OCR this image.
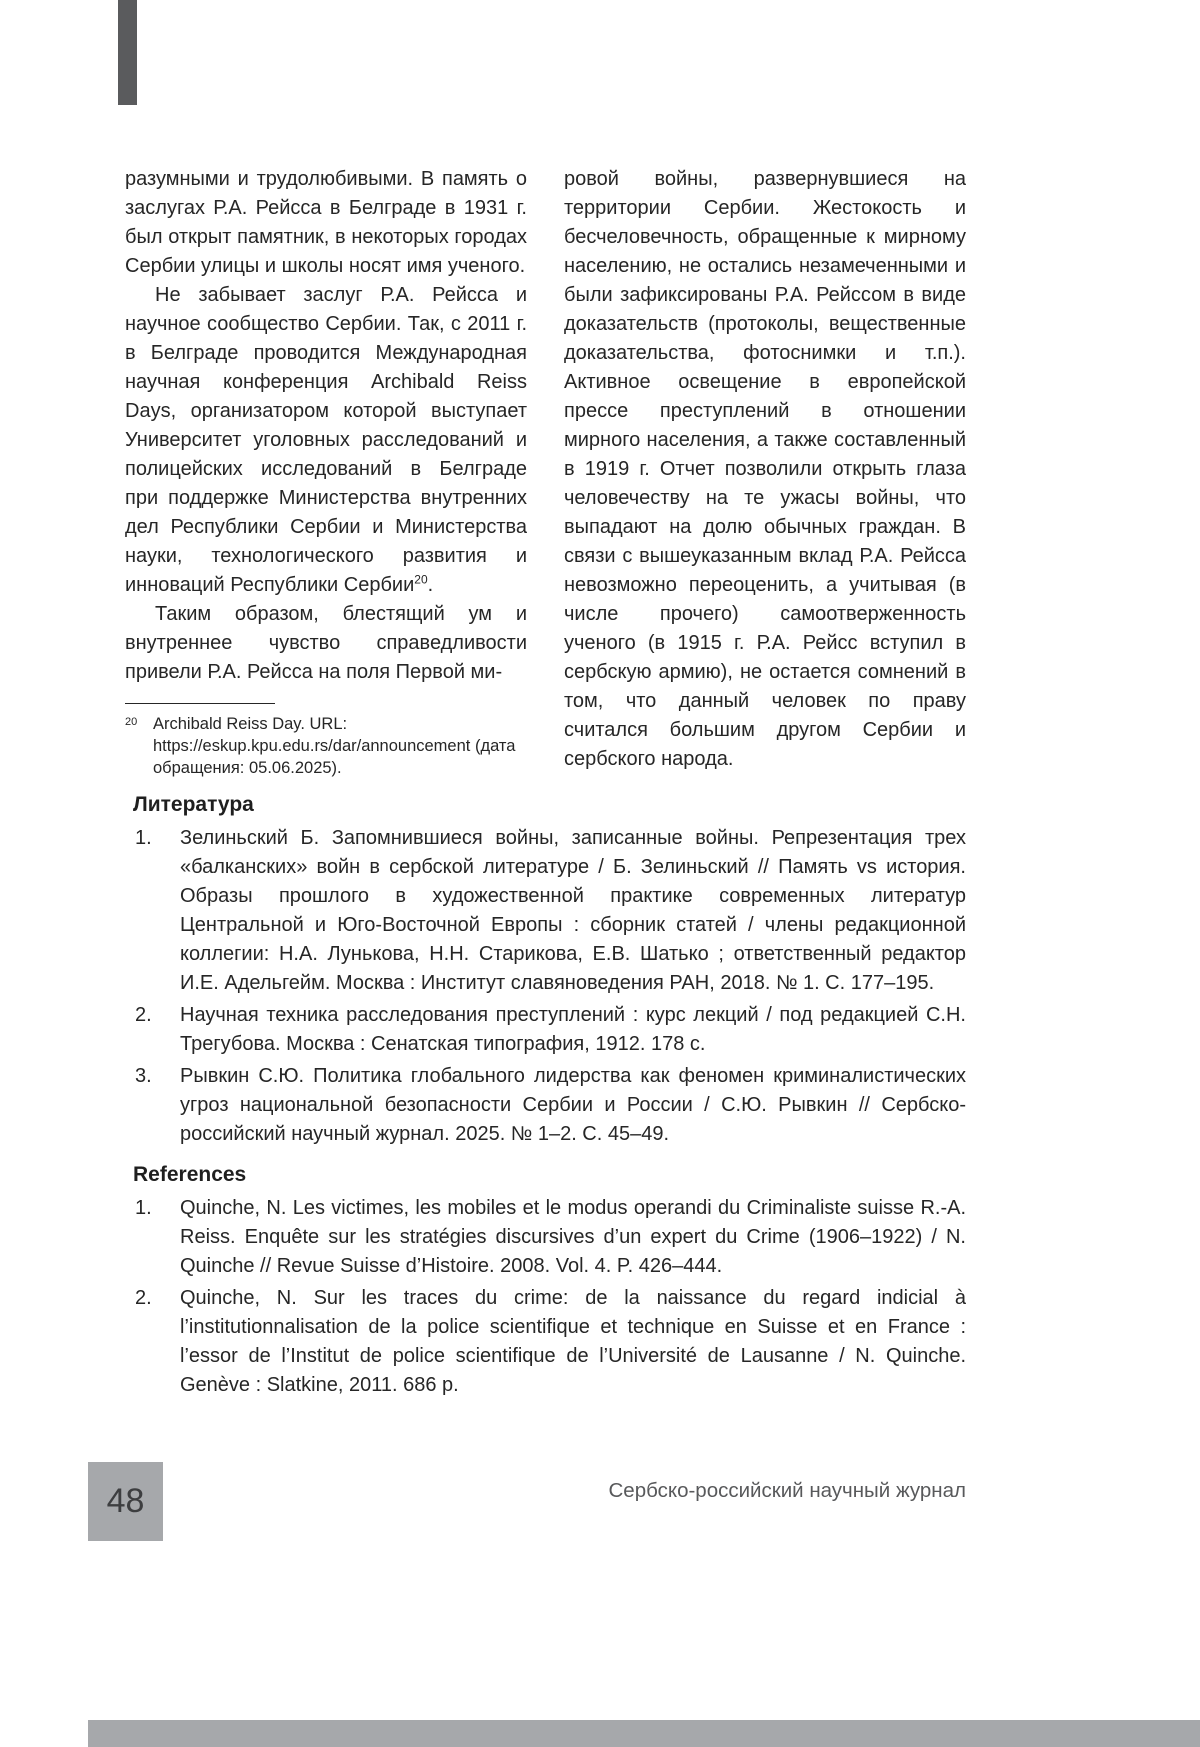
разумными и трудолюбивыми. В память о заслугах Р.А. Рейсса в Белграде в 1931 г. был открыт памятник, в некоторых городах Сербии улицы и школы носят имя ученого.

Не забывает заслуг Р.А. Рейсса и научное сообщество Сербии. Так, с 2011 г. в Белграде проводится Международная научная конференция Archibald Reiss Days, организатором которой выступает Университет уголовных расследований и полицейских исследований в Белграде при поддержке Министерства внутренних дел Республики Сербии и Министерства науки, технологического развития и инноваций Республики Сербии$^{20}$.

Таким образом, блестящий ум и внутреннее чувство справедливости привели Р.А. Рейсса на поля Первой ми-

20 Archibald Reiss Day. URL: https://eskup.kpu.edu.rs/dar/announcement (дата обращения: 05.06.2025).

ровой войны, развернувшиеся на территории Сербии. Жестокость и бесчеловечность, обращенные к мирному населению, не остались незамеченными и были зафиксированы Р.А. Рейссом в виде доказательств (протоколы, вещественные доказательства, фотоснимки и т.п.). Активное освещение в европейской прессе преступлений в отношении мирного населения, а также составленный в 1919 г. Отчет позволили открыть глаза человечеству на те ужасы войны, что выпадают на долю обычных граждан. В связи с вышеуказанным вклад Р.А. Рейсса невозможно переоценить, а учитывая (в числе прочего) самоотверженность ученого (в 1915 г. Р.А. Рейсс вступил в сербскую армию), не остается сомнений в том, что данный человек по праву считался большим другом Сербии и сербского народа.

Литература
1.	Зелиньский Б. Запомнившиеся войны, записанные войны. Репрезентация трех «балканских» войн в сербской литературе / Б. Зелиньский // Память vs история. Образы прошлого в художественной практике современных литератур Центральной и Юго-Восточной Европы : сборник статей / члены редакционной коллегии: Н.А. Лунькова, Н.Н. Старикова, Е.В. Шатько ; ответственный редактор И.Е. Адельгейм. Москва : Институт славяноведения РАН, 2018. № 1. С. 177–195.
2.	Научная техника расследования преступлений : курс лекций / под редакцией С.Н. Трегубова. Москва : Сенатская типография, 1912. 178 с.
3.	Рывкин С.Ю. Политика глобального лидерства как феномен криминалистических угроз национальной безопасности Сербии и России / С.Ю. Рывкин // Сербско-российский научный журнал. 2025. № 1–2. С. 45–49.
References
1.	Quinche, N. Les victimes, les mobiles et le modus operandi du Criminaliste suisse R.-A. Reiss. Enquête sur les stratégies discursives d’un expert du Crime (1906–1922) / N. Quinche // Revue Suisse d’Histoire. 2008. Vol. 4. P. 426–444.
2.	Quinche, N. Sur les traces du crime: de la naissance du regard indicial à l’institutionnalisation de la police scientifique et technique en Suisse et en France : l’essor de l’Institut de police scientifique de l’Université de Lausanne / N. Quinche. Genève : Slatkine, 2011. 686 p.
48	Сербско-российский научный журнал
